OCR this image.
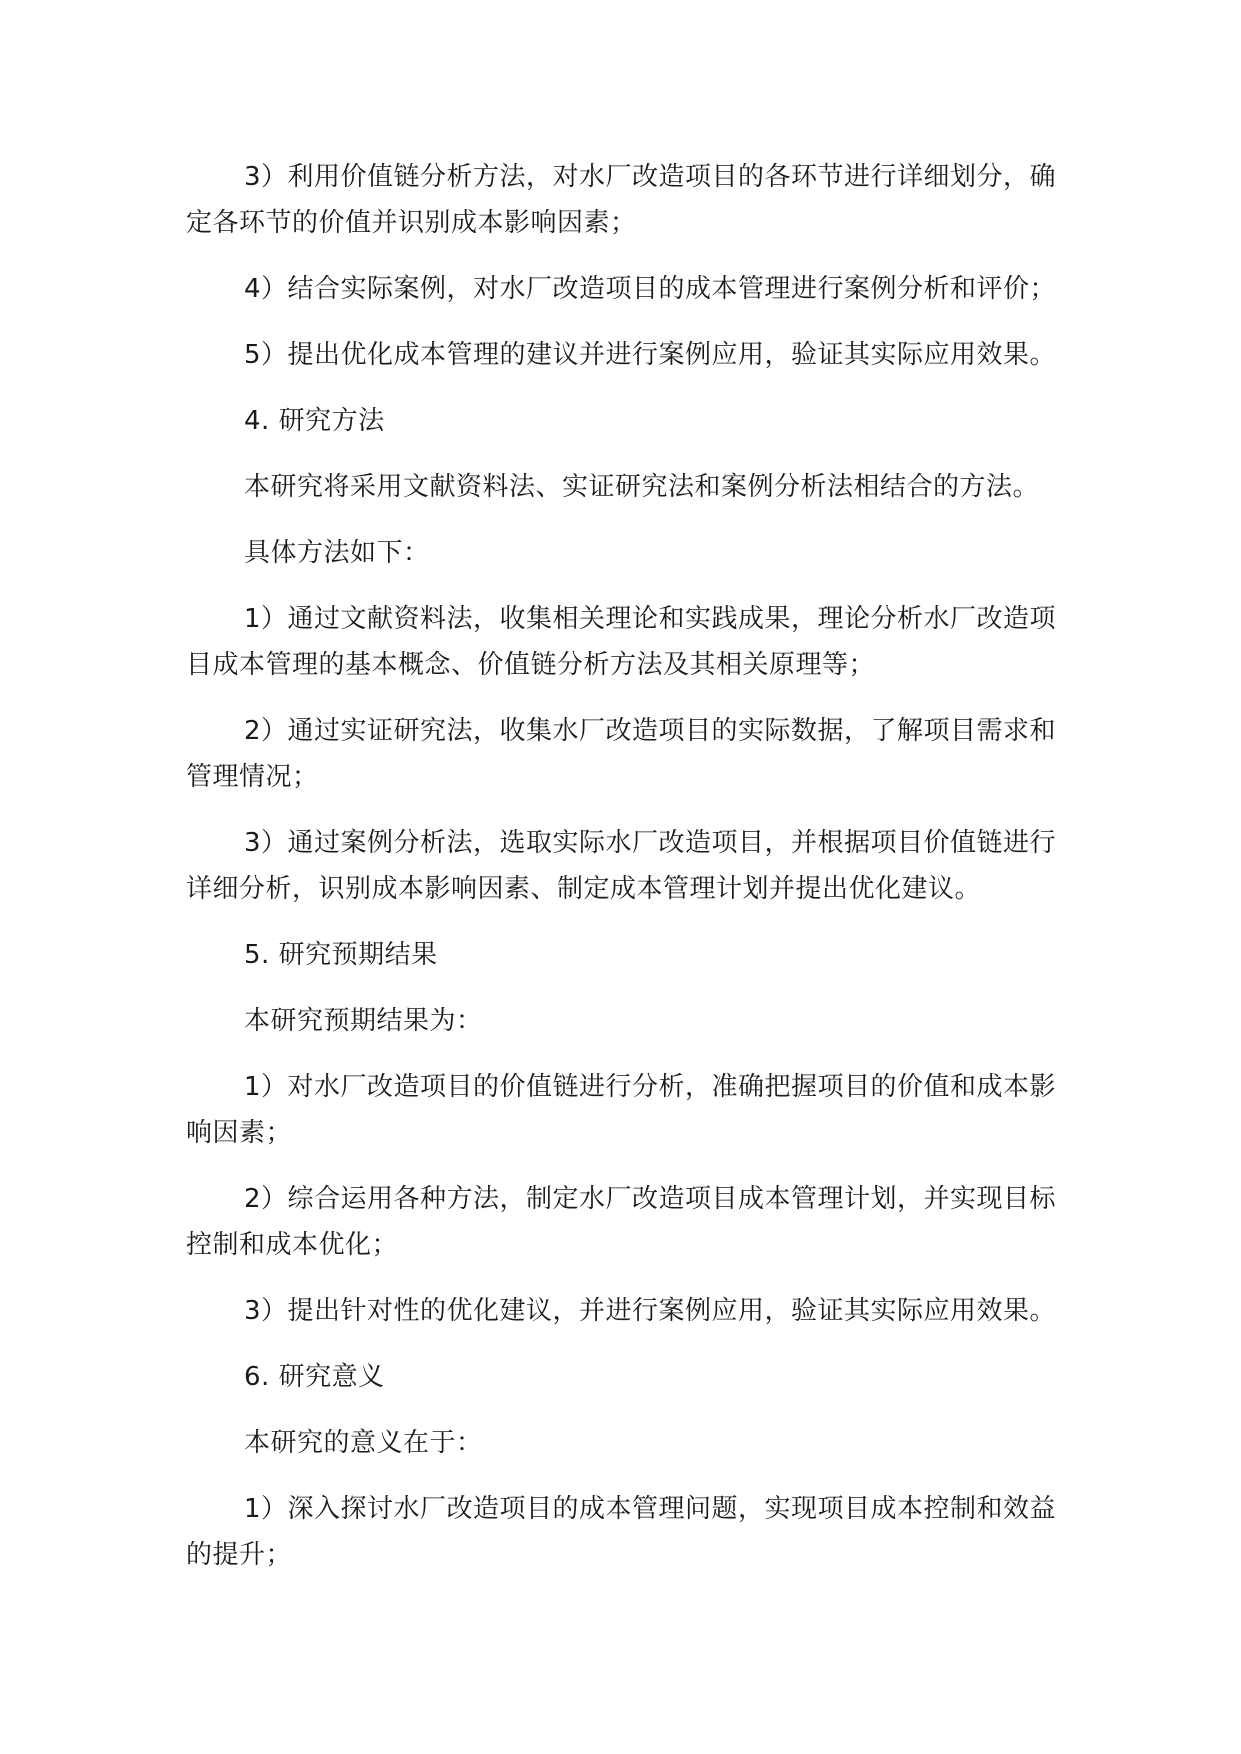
3）利用价值链分析方法，对水厂改造项目的各环节进行详细划分，确定各环节的价值并识别成本影响因素；

4）结合实际案例，对水厂改造项目的成本管理进行案例分析和评价；

5）提出优化成本管理的建议并进行案例应用，验证其实际应用效果。

4. 研究方法

本研究将采用文献资料法、实证研究法和案例分析法相结合的方法。

具体方法如下：

1）通过文献资料法，收集相关理论和实践成果，理论分析水厂改造项目成本管理的基本概念、价值链分析方法及其相关原理等；

2）通过实证研究法，收集水厂改造项目的实际数据，了解项目需求和管理情况；

3）通过案例分析法，选取实际水厂改造项目，并根据项目价值链进行详细分析，识别成本影响因素、制定成本管理计划并提出优化建议。

5. 研究预期结果

本研究预期结果为：

1）对水厂改造项目的价值链进行分析，准确把握项目的价值和成本影响因素；

2）综合运用各种方法，制定水厂改造项目成本管理计划，并实现目标控制和成本优化；

3）提出针对性的优化建议，并进行案例应用，验证其实际应用效果。

6. 研究意义

本研究的意义在于：

1）深入探讨水厂改造项目的成本管理问题，实现项目成本控制和效益的提升；
